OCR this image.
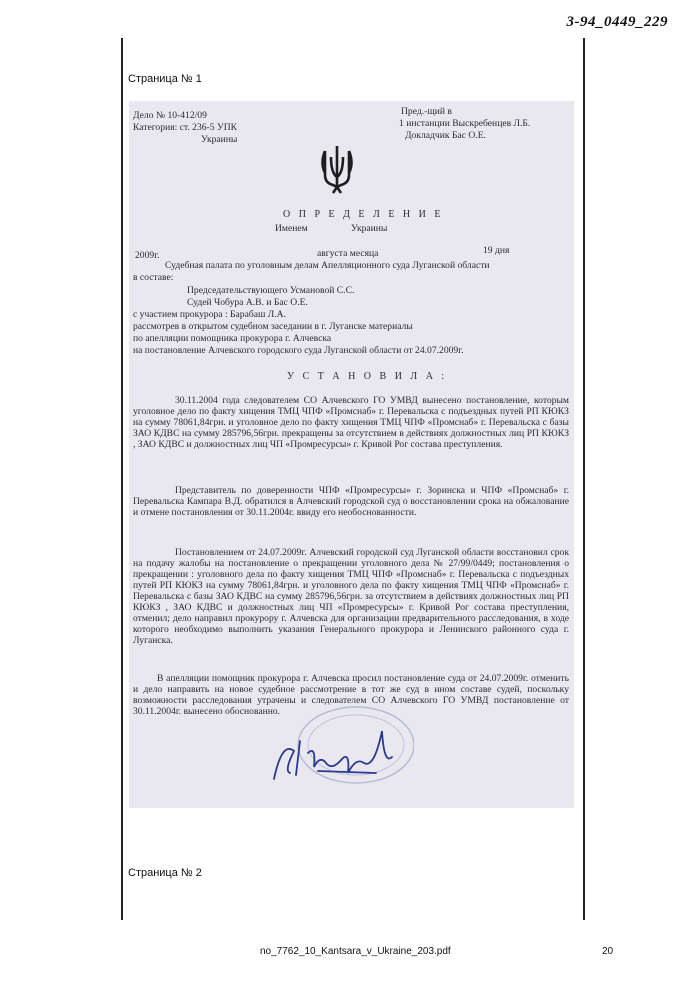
3-94_0449_229
Страница № 1
Дело № 10-412/09
Категория: ст. 236-5 УПК
Украины
Пред.-щий в
1 инстанции Выскребенцев Л.Б.
Докладчик Бас О.Е.
О П Р Е Д Е Л Е Н И Е
Именем	Украины
2009г.	августа месяца	19 дня
Судебная палата по уголовным делам Апелляционного суда Луганской области
в составе:
Председательствующего Усмановой С.С.
Судей Чобура А.В. и Бас О.Е.
с участием прокурора : Барабаш Л.А.
рассмотрев в открытом судебном заседании в г. Луганске материалы
по апелляции помощника прокурора г. Алчевска
на постановление Алчевского городского суда Луганской области от 24.07.2009г.
У С Т А Н О В И Л А :
30.11.2004 года следователем СО Алчевского ГО УМВД вынесено постановление, которым уголовное дело по факту хищения ТМЦ ЧПФ «Промснаб» г. Перевальска с подъездных путей РП КЮКЗ на сумму 78061,84грн. и уголовное дело по факту хищения ТМЦ ЧПФ «Промснаб» г. Перевальска с базы ЗАО КДВС на сумму 285796,56грн. прекращены за отсутствием в действиях должностных лиц РП КЮКЗ , ЗАО КДВС и должностных лиц ЧП «Промресурсы» г. Кривой Рог состава преступления.
Представитель по доверенности ЧПФ «Промресурсы» г. Зоринска и ЧПФ «Промснаб» г. Перевальска Кампара В.Д. обратился в Алчевский городской суд о восстановлении срока на обжалование и отмене постановления от 30.11.2004г. ввиду его необоснованности.
Постановлением от 24.07.2009г. Алчевский городской суд Луганской области восстановил срок на подачу жалобы на постановление о прекращении уголовного дела № 27/99/0449; постановления о прекращении : уголовного дела по факту хищения ТМЦ ЧПФ «Промснаб» г. Перевальска с подъездных путей РП КЮКЗ на сумму 78061,84грн. и уголовного дела по факту хищения ТМЦ ЧПФ «Промснаб» г. Перевальска с базы ЗАО КДВС на сумму 285796,56грн. за отсутствием в действиях должностных лиц РП КЮКЗ , ЗАО КДВС и должностных лиц ЧП «Промресурсы» г. Кривой Рог состава преступления, отменил; дело направил прокурору г. Алчевска для организации предварительного расследования, в ходе которого необходимо выполнить указания Генерального прокурора и Ленинского районного суда г. Луганска.
В апелляции помощник прокурора г. Алчевска просил постановление суда от 24.07.2009г. отменить и дело направить на новое судебное рассмотрение в тот же суд в ином составе судей, поскольку возможности расследования утрачены и следователем СО Алчевского ГО УМВД постановление от 30.11.2004г. вынесено обоснованно.
Страница № 2
no_7762_10_Kantsara_v_Ukraine_203.pdf	20
